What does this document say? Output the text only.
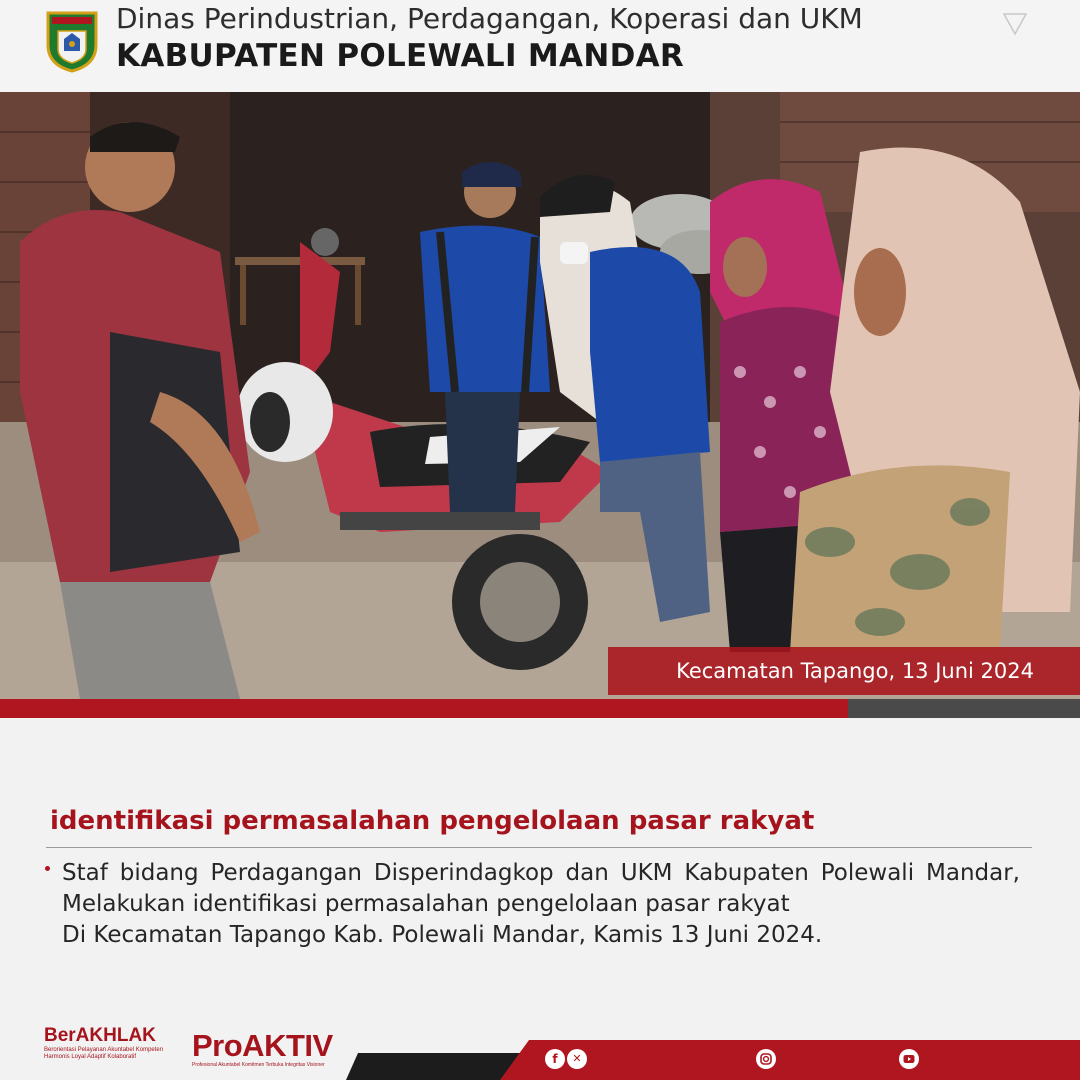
Dinas Perindustrian, Perdagangan, Koperasi dan UKM
KABUPATEN POLEWALI MANDAR
Kecamatan Tapango, 13 Juni 2024
identifikasi permasalahan pengelolaan pasar rakyat
Staf bidang Perdagangan Disperindagkop dan UKM Kabupaten Polewali Mandar, Melakukan identifikasi permasalahan pengelolaan pasar rakyat
Di Kecamatan Tapango Kab. Polewali Mandar, Kamis 13 Juni 2024.
BerAKHLAK
Berorientasi Pelayanan Akuntabel Kompeten
Harmonis Loyal Adaptif Kolaboratif	ProAKTIV
Profesional Akuntabel Komitmen Terbuka Integritas Visioner	f	✕
